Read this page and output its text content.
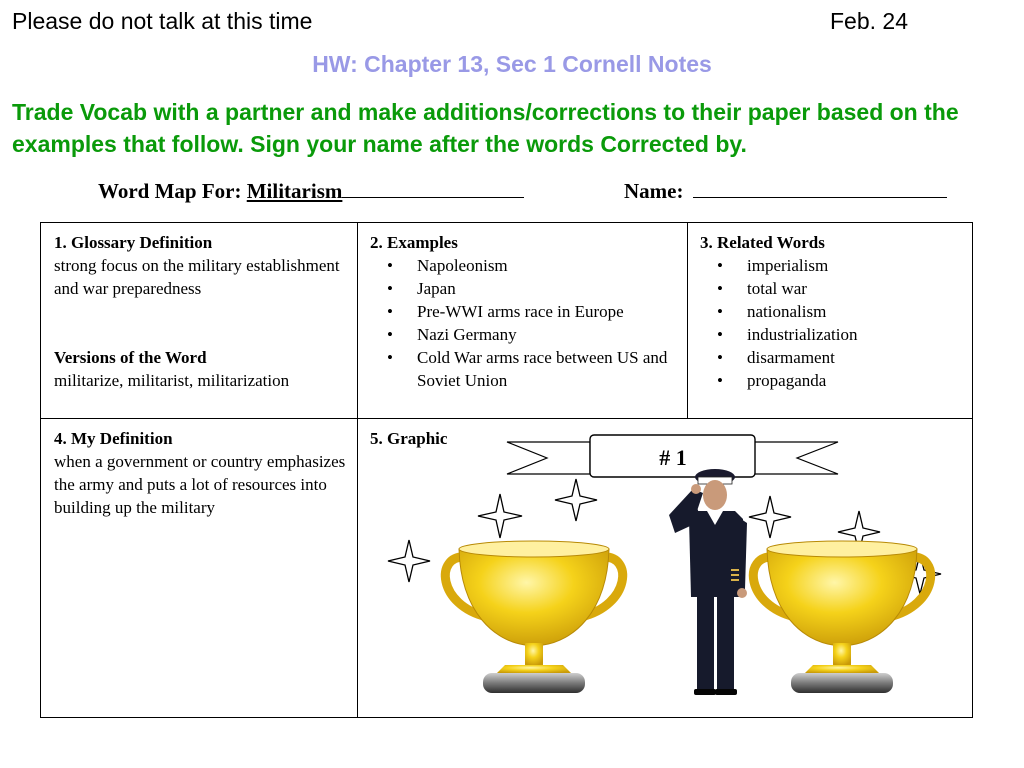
Please do not talk at this time	Feb. 24
HW: Chapter 13, Sec 1 Cornell Notes
Trade Vocab with a partner and make additions/corrections to their paper based on the examples that follow. Sign your name after the words Corrected by.
Word Map For: Militarism	Name:
1. Glossary Definition
strong focus on the military establishment and war preparedness
Versions of the Word
militarize, militarist, militarization
2. Examples
• Napoleonism
• Japan
• Pre-WWI arms race in Europe
• Nazi Germany
• Cold War arms race between US and Soviet Union
3. Related Words
• imperialism
• total war
• nationalism
• industrialization
• disarmament
• propaganda
4. My Definition
when a government or country emphasizes the army and puts a lot of resources into building up the military
5. Graphic
# 1
